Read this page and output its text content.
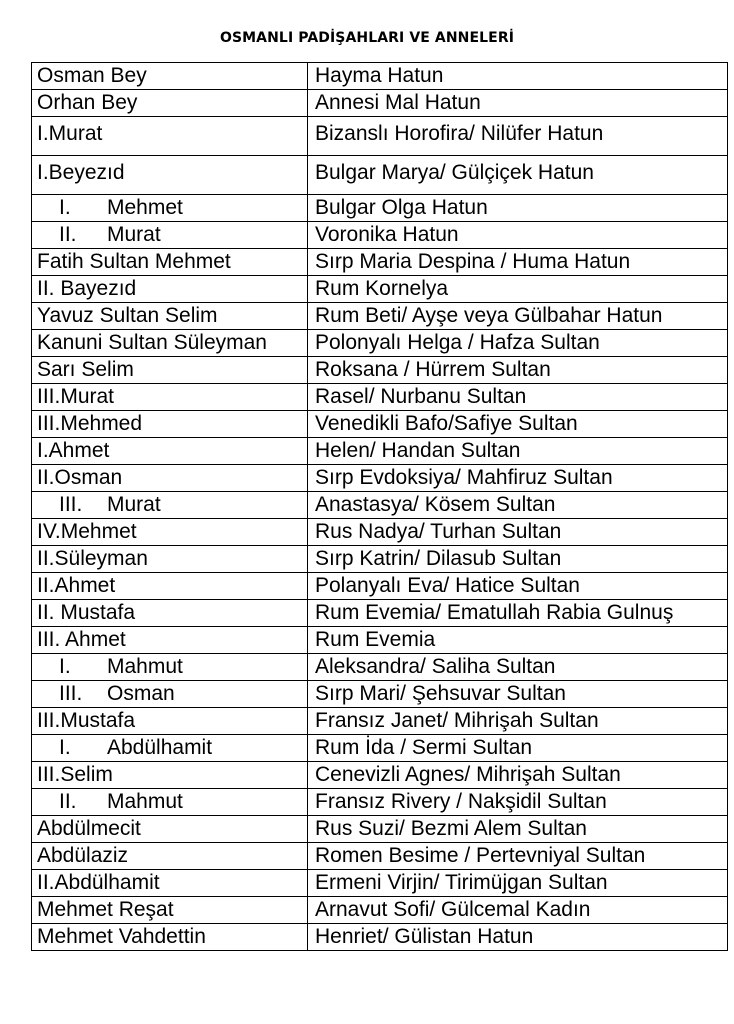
OSMANLI PADİŞAHLARI VE ANNELERİ
Osman Bey	Hayma Hatun
Orhan Bey	Annesi Mal Hatun
I.Murat	Bizanslı Horofira/ Nilüfer Hatun
I.Beyezıd	Bulgar Marya/ Gülçiçek Hatun
I. Mehmet	Bulgar Olga Hatun
II. Murat	Voronika Hatun
Fatih Sultan Mehmet	Sırp Maria Despina / Huma Hatun
II. Bayezıd	Rum Kornelya
Yavuz Sultan Selim	Rum Beti/ Ayşe veya Gülbahar Hatun
Kanuni Sultan Süleyman	Polonyalı Helga / Hafza Sultan
Sarı Selim	Roksana / Hürrem Sultan
III.Murat	Rasel/ Nurbanu Sultan
III.Mehmed	Venedikli Bafo/Safiye Sultan
I.Ahmet	Helen/ Handan Sultan
II.Osman	Sırp Evdoksiya/ Mahfiruz Sultan
III. Murat	Anastasya/ Kösem Sultan
IV.Mehmet	Rus Nadya/ Turhan Sultan
II.Süleyman	Sırp Katrin/ Dilasub Sultan
II.Ahmet	Polanyalı Eva/ Hatice Sultan
II. Mustafa	Rum Evemia/ Ematullah Rabia Gulnuş
III. Ahmet	Rum Evemia
I. Mahmut	Aleksandra/ Saliha Sultan
III. Osman	Sırp Mari/ Şehsuvar Sultan
III.Mustafa	Fransız Janet/ Mihrişah Sultan
I. Abdülhamit	Rum İda / Sermi Sultan
III.Selim	Cenevizli Agnes/ Mihrişah Sultan
II. Mahmut	Fransız Rivery / Nakşidil Sultan
Abdülmecit	Rus Suzi/ Bezmi Alem Sultan
Abdülaziz	Romen Besime / Pertevniyal Sultan
II.Abdülhamit	Ermeni Virjin/ Tirimüjgan Sultan
Mehmet Reşat	Arnavut Sofi/ Gülcemal Kadın
Mehmet Vahdettin	Henriet/ Gülistan Hatun
